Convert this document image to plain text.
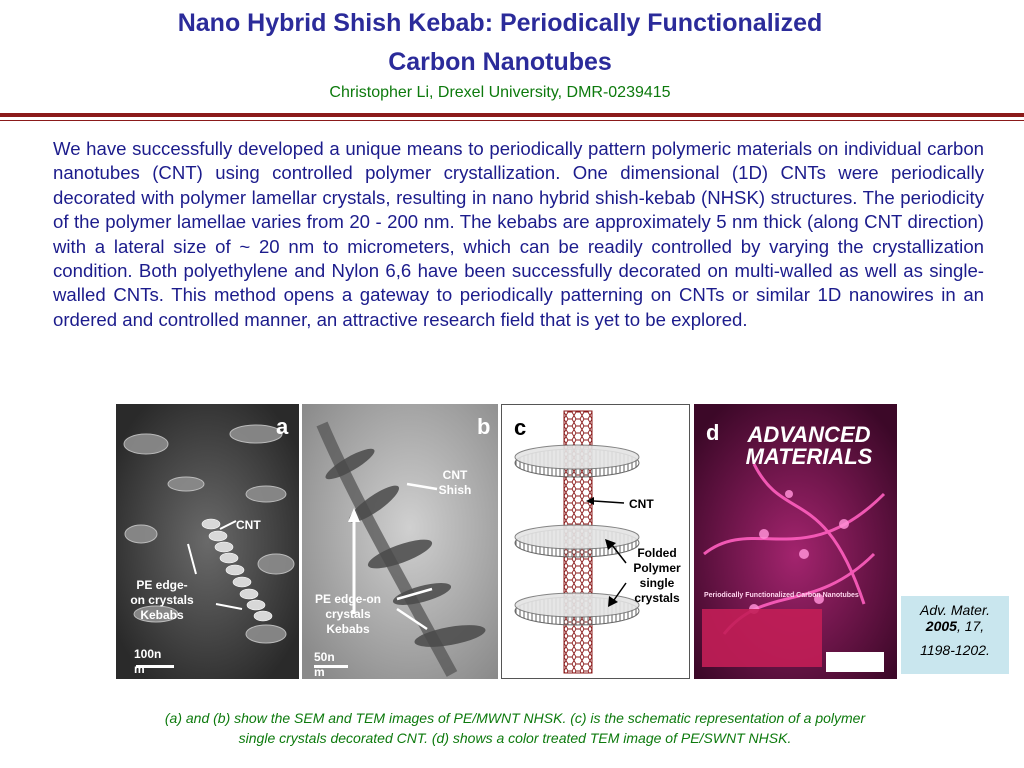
Nano Hybrid Shish Kebab: Periodically Functionalized
Carbon Nanotubes
Christopher Li, Drexel University, DMR-0239415

We have successfully developed a unique means to periodically pattern polymeric materials on individual carbon nanotubes (CNT) using controlled polymer crystallization. One dimensional (1D) CNTs were periodically decorated with polymer lamellar crystals, resulting in nano hybrid shish-kebab (NHSK) structures. The periodicity of the polymer lamellae varies from 20 - 200 nm. The kebabs are approximately 5 nm thick (along CNT direction) with a lateral size of ~ 20 nm to micrometers, which can be readily controlled by varying the crystallization condition. Both polyethylene and Nylon 6,6 have been successfully decorated on multi-walled as well as single-walled CNTs. This method opens a gateway to periodically patterning on CNTs or similar 1D nanowires in an ordered and controlled manner, an attractive research field that is yet to be explored.

a
CNT
PE edge-
on crystals
Kebabs
100n
m
b
CNT
Shish
PE edge-on
crystals
Kebabs
50n
m
c
CNT
Folded
Polymer
single
crystals
d	ADVANCED
MATERIALS
Periodically Functionalized Carbon Nanotubes
Adv. Mater.
2005, 17,
1198-1202.
(a) and (b) show the SEM and TEM images of PE/MWNT NHSK. (c) is the schematic representation of a polymer
single crystals decorated CNT. (d) shows a color treated TEM image of PE/SWNT NHSK.
